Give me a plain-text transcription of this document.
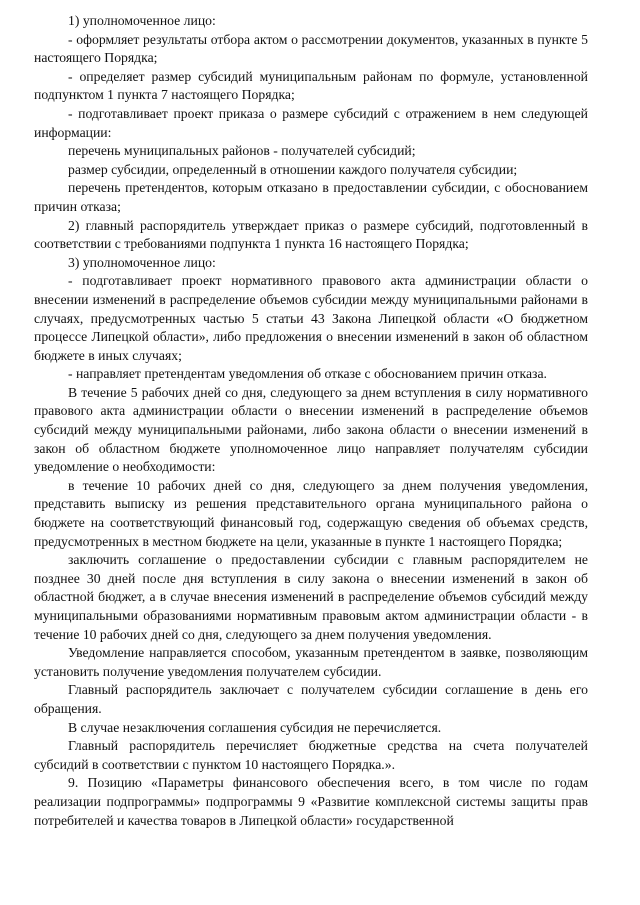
1) уполномоченное лицо:

- оформляет результаты отбора актом о рассмотрении документов, указанных в пункте 5 настоящего Порядка;

- определяет размер субсидий муниципальным районам по формуле, установленной подпунктом 1 пункта 7 настоящего Порядка;

- подготавливает проект приказа о размере субсидий с отражением в нем следующей информации:

перечень муниципальных районов - получателей субсидий;

размер субсидии, определенный в отношении каждого получателя субсидии;

перечень претендентов, которым отказано в предоставлении субсидии, с обоснованием причин отказа;

2) главный распорядитель утверждает приказ о размере субсидий, подготовленный в соответствии с требованиями подпункта 1 пункта 16 настоящего Порядка;

3) уполномоченное лицо:

- подготавливает проект нормативного правового акта администрации области о внесении изменений в распределение объемов субсидии между муниципальными районами в случаях, предусмотренных частью 5 статьи 43 Закона Липецкой области «О бюджетном процессе Липецкой области», либо предложения о внесении изменений в закон об областном бюджете в иных случаях;

- направляет претендентам уведомления об отказе с обоснованием причин отказа.

В течение 5 рабочих дней со дня, следующего за днем вступления в силу нормативного правового акта администрации области о внесении изменений в распределение объемов субсидий между муниципальными районами, либо закона области о внесении изменений в закон об областном бюджете уполномоченное лицо направляет получателям субсидии уведомление о необходимости:

в течение 10 рабочих дней со дня, следующего за днем получения уведомления, представить выписку из решения представительного органа муниципального района о бюджете на соответствующий финансовый год, содержащую сведения об объемах средств, предусмотренных в местном бюджете на цели, указанные в пункте 1 настоящего Порядка;

заключить соглашение о предоставлении субсидии с главным распорядителем не позднее 30 дней после дня вступления в силу закона о внесении изменений в закон об областной бюджет, а в случае внесения изменений в распределение объемов субсидий между муниципальными образованиями нормативным правовым актом администрации области - в течение 10 рабочих дней со дня, следующего за днем получения уведомления.

Уведомление направляется способом, указанным претендентом в заявке, позволяющим установить получение уведомления получателем субсидии.

Главный распорядитель заключает с получателем субсидии соглашение в день его обращения.

В случае незаключения соглашения субсидия не перечисляется.

Главный распорядитель перечисляет бюджетные средства на счета получателей субсидий в соответствии с пунктом 10 настоящего Порядка.».

9. Позицию «Параметры финансового обеспечения всего, в том числе по годам реализации подпрограммы» подпрограммы 9 «Развитие комплексной системы защиты прав потребителей и качества товаров в Липецкой области» государственной
